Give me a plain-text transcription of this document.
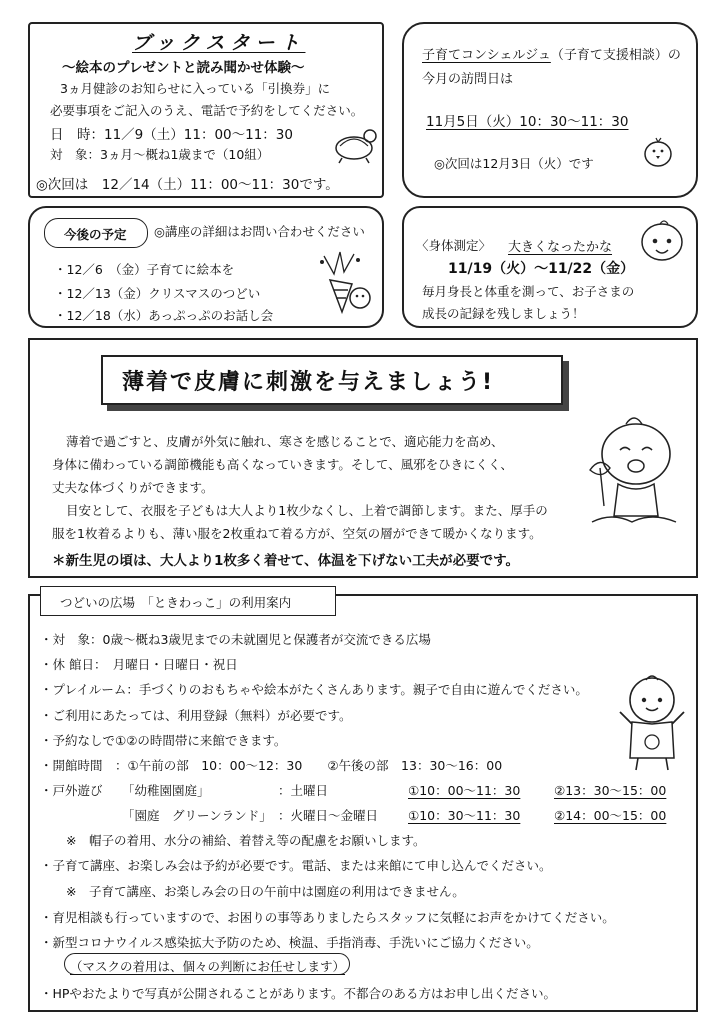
ブックスタート
～絵本のプレゼントと読み聞かせ体験～
3ヵ月健診のお知らせに入っている「引換券」に
必要事項をご記入のうえ、電話で予約をしてください。
日　時：11／9（土）11：00～11：30
対　象：3ヵ月～概ね1歳まで（10組）
◎次回は　12／14（土）11：00～11：30です。
子育てコンシェルジュ（子育て支援相談）の
今月の訪問日は
11月5日（火）10：30～11：30
◎次回は12月3日（火）です
今後の予定 ◎講座の詳細はお問い合わせください
・12／6　（金）子育てに絵本を
・12／13（金）クリスマスのつどい
・12／18（水）あっぷっぷのお話し会
〈身体測定〉 大きくなったかな
11/19（火）～11/22（金）
毎月身長と体重を測って、お子さまの
成長の記録を残しましょう！
薄着で皮膚に刺激を与えましょう!
薄着で過ごすと、皮膚が外気に触れ、寒さを感じることで、適応能力を高め、
身体に備わっている調節機能も高くなっていきます。そして、風邪をひきにくく、
丈夫な体づくりができます。
目安として、衣服を子どもは大人より1枚少なくし、上着で調節します。また、厚手の
服を1枚着るよりも、薄い服を2枚重ねて着る方が、空気の層ができて暖かくなります。
＊新生児の頃は、大人より1枚多く着せて、体温を下げない工夫が必要です。
つどいの広場　「ときわっこ」の利用案内
・対　象：0歳～概ね3歳児までの未就園児と保護者が交流できる広場
・休 館日：　月曜日・日曜日・祝日
・プレイルーム：手づくりのおもちゃや絵本がたくさんあります。親子で自由に遊んでください。
・ご利用にあたっては、利用登録（無料）が必要です。
・予約なしで①②の時間帯に来館できます。
・開館時間　：①午前の部　10：00～12：30　　②午後の部　13：30～16：00
・戸外遊び 「幼稚園園庭」	：土曜日	①10：00～11：30	②13：30～15：00
「園庭　グリーンランド」 ：火曜日～金曜日 ①10：30～11：30	②14：00～15：00
※　帽子の着用、水分の補給、着替え等の配慮をお願いします。
・子育て講座、お楽しみ会は予約が必要です。電話、または来館にて申し込んでください。
※　子育て講座、お楽しみ会の日の午前中は園庭の利用はできません。
・育児相談も行っていますので、お困りの事等ありましたらスタッフに気軽にお声をかけてください。
・新型コロナウイルス感染拡大予防のため、検温、手指消毒、手洗いにご協力ください。
（マスクの着用は、個々の判断にお任せします）
・HPやおたよりで写真が公開されることがあります。不都合のある方はお申し出ください。
